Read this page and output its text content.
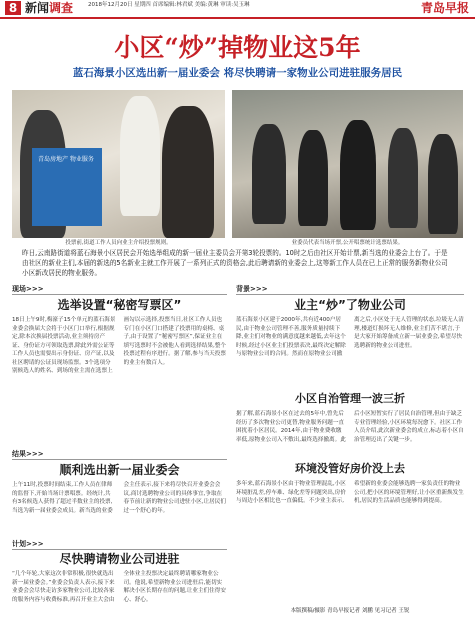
8 新闻调查	2018年12月20日 星期四 首席编辑:林君斌 美编:黄琳 审读:吴玉琳	青岛早报
小区“炒”掉物业这5年
蓝石海景小区选出新一届业委会 将尽快聘请一家物业公司进驻服务居民
青岛房地产 物业服务
投票前,街道工作人员向业主介绍投票规则。	业委员代表当场开票,公开唱票统计选票结果。
昨日,云南路街道将蓝石海景小区居民会开始选举组成的新一届业主委员会开第3轮投票的。10时之后由社区开始计票,新当选的业委会上台了。于是由社区的新业主们,本届的新选的5名新业主就工作开展了一系列正式的资格会,此后聘请新的业委会上,这等新工作人员在已上正常的服务新物业公司小区新改居民的物业服务。
现场>>>
选举设置“秘密写票区”
18日上午9时,梅濠子15个单元的蓝石海景业委会换届大会将于小区门口举行,根据规定,除本次换届投票活动,业主须持房产证、身份证方可领取选票,除此外需公证等工作人员也需要出示身份证、房产证,以及社区聘请的公证员现场监票。3个选项分别候选人的姓名、到场的业主需在选票上画勾以示选择,投票当日,社区工作人员也专门在小区门口搭建了投票用的桌椅、桌子,由于设置了“秘密写票区”,保证业主在填写选票时不会被他人看到选择结果,整个投票过程有序进行。据了解,参与当天投票的业主有数百人。
背景>>>
业主“炒”了物业公司
蓝石海景小区建于2000年,共有近400户居民,由于物业公司管理不善,服务质量持续下降,业主们对物业的满意度越来越低,去年这个时候,经过小区业主们投票表决,最终决定解除与原物业公司的合同。然而在原物业公司撤离之后,小区处于无人管理的状态,垃圾无人清理,楼道灯损坏无人维修,业主们苦不堪言,于是大家开始筹备成立新一届业委会,希望尽快选聘新的物业公司进驻。
结果>>>
顺利选出新一届业委会
上午11时,投票时间结束,工作人员在律师的监督下,开始当场计票唱票。经统计,共有3名候选人获得了超过半数业主的投票,当选为新一届业委会成员。新当选的业委会主任表示,接下来将尽快召开业委会会议,商讨选聘物业公司的具体事宜,争取在春节前让新的物业公司进驻小区,让居民们过一个舒心的年。
小区自治管理一波三折
据了解,蓝石海景小区在过去的5年中,曾先后经历了多次物业公司更替,物业服务问题一直困扰着小区居民。2014年,由于物业费收缴率低,原物业公司入不敷出,最终选择撤离。此后小区短暂实行了居民自治管理,但由于缺乏专业管理经验,小区环境每况愈下。社区工作人员介绍,此次新业委会的成立,标志着小区自治管理迈出了关键一步。
环境没管好房价没上去
多年来,蓝石海景小区由于物业管理混乱,小区环境脏乱差,停车难、绿化差等问题突出,房价与周边小区相比也一直偏低。不少业主表示,希望新的业委会能够选聘一家负责任的物业公司,把小区的环境管理好,让小区重新焕发生机,居民的生活品质也能够得到提高。
计划>>>
尽快聘请物业公司进驻
“几个年轮,大家这次非常积极,很快就选出新一届业委会。”业委会负责人表示,接下来业委会会尽快走访多家物业公司,比较各家的服务内容与收费标准,再召开业主大会由全体业主投票决定最终聘请哪家物业公司。他说,希望新物业公司进驻后,能切实解决小区长期存在的问题,让业主们住得安心、舒心。
本版撰稿/摄影 青岛早报记者 刘鹏 见习记者 王锐
